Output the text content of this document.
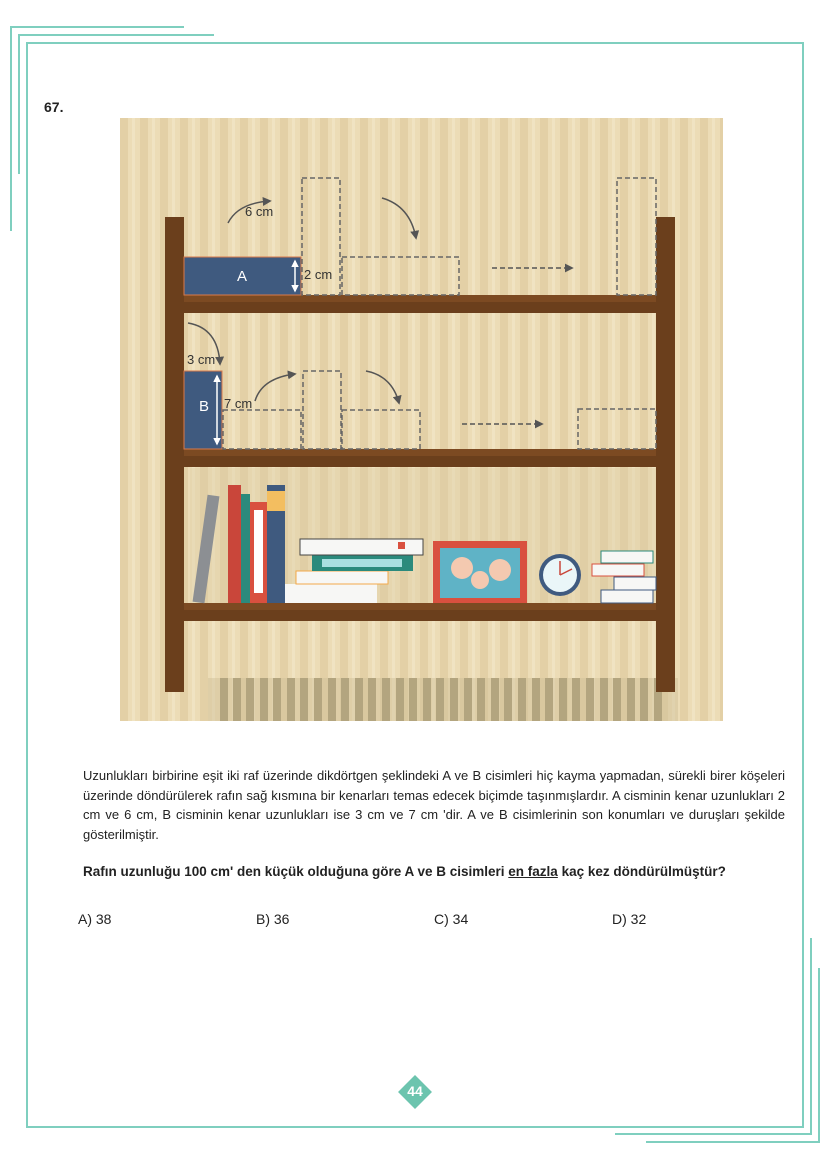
67.
6 cm
A	2 cm
3 cm
B 7 cm
Uzunlukları birbirine eşit iki raf üzerinde dikdörtgen şeklindeki A ve B cisimleri hiç kayma yapmadan, sürekli birer köşeleri üzerinde döndürülerek rafın sağ kısmına bir kenarları temas edecek biçimde taşınmışlardır. A cisminin kenar uzunlukları 2 cm ve 6 cm, B cisminin kenar uzunlukları ise 3 cm ve 7 cm 'dir. A ve B cisimlerinin son konumları ve duruşları şekilde gösterilmiştir.
Rafın uzunluğu 100 cm' den küçük olduğuna göre A ve B cisimleri en fazla kaç kez döndürülmüştür?
A) 38	B) 36	C) 34	D) 32
44
